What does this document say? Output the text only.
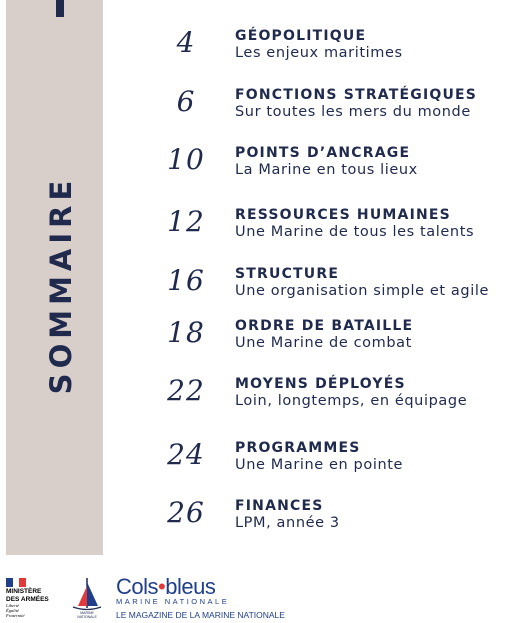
SOMMAIRE
4	GÉOPOLITIQUE
Les enjeux maritimes
6	FONCTIONS STRATÉGIQUES
Sur toutes les mers du monde
10	POINTS D’ANCRAGE
La Marine en tous lieux
12	RESSOURCES HUMAINES
Une Marine de tous les talents
16	STRUCTURE
Une organisation simple et agile
18	ORDRE DE BATAILLE
Une Marine de combat
22	MOYENS DÉPLOYÉS
Loin, longtemps, en équipage
24	PROGRAMMES
Une Marine en pointe
26	FINANCES
LPM, année 3
MINISTÈRE
DES ARMÉES
Liberté
Égalité
Fraternité	MARINE NATIONALE
Cols•bleus
MARINE NATIONALE
LE MAGAZINE DE LA MARINE NATIONALE
